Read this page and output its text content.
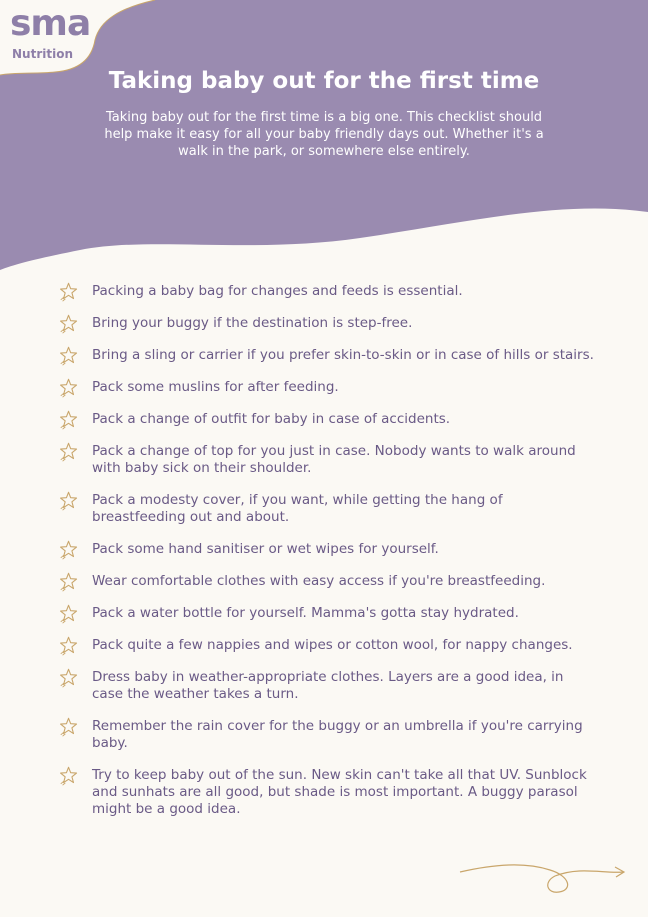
sma
Nutrition
Taking baby out for the first time

Taking baby out for the first time is a big one. This checklist should help make it easy for all your baby friendly days out. Whether it's a walk in the park, or somewhere else entirely.

Packing a baby bag for changes and feeds is essential.
Bring your buggy if the destination is step-free.
Bring a sling or carrier if you prefer skin-to-skin or in case of hills or stairs.
Pack some muslins for after feeding.
Pack a change of outfit for baby in case of accidents.
Pack a change of top for you just in case. Nobody wants to walk around with baby sick on their shoulder.
Pack a modesty cover, if you want, while getting the hang of breastfeeding out and about.
Pack some hand sanitiser or wet wipes for yourself.
Wear comfortable clothes with easy access if you're breastfeeding.
Pack a water bottle for yourself. Mamma's gotta stay hydrated.
Pack quite a few nappies and wipes or cotton wool, for nappy changes.
Dress baby in weather-appropriate clothes. Layers are a good idea, in case the weather takes a turn.
Remember the rain cover for the buggy or an umbrella if you're carrying baby.
Try to keep baby out of the sun. New skin can't take all that UV. Sunblock and sunhats are all good, but shade is most important. A buggy parasol might be a good idea.
